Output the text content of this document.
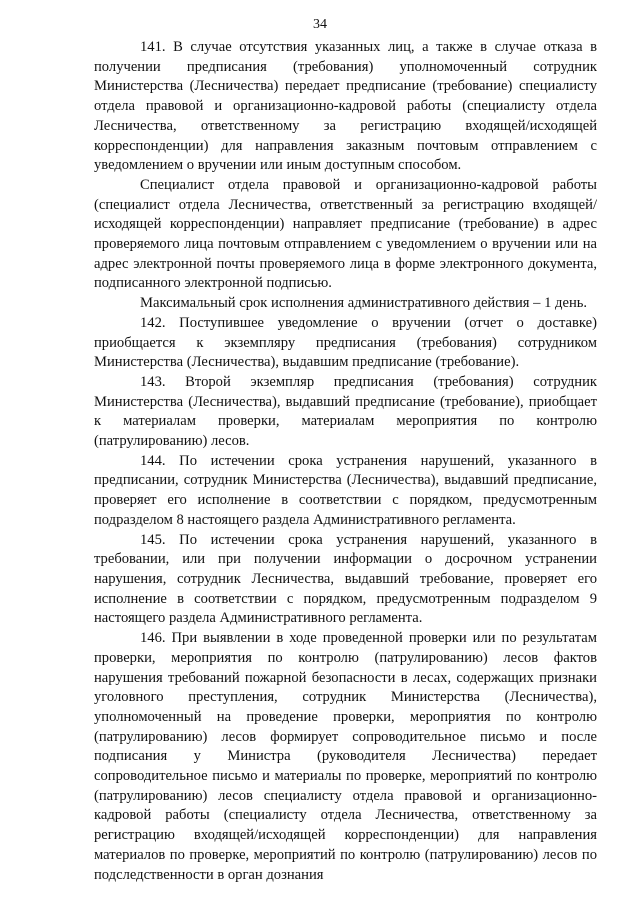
34

141. В случае отсутствия указанных лиц, а также в случае отказа в получении предписания (требования) уполномоченный сотрудник Министерства (Лесничества) передает предписание (требование) специалисту отдела правовой и организационно-кадровой работы (специалисту отдела Лесничества, ответственному за регистрацию входящей/исходящей корреспонденции) для направления заказным почтовым отправлением с уведомлением о вручении или иным доступным способом.

Специалист отдела правовой и организационно-кадровой работы (специалист отдела Лесничества, ответственный за регистрацию входящей/исходящей корреспонденции) направляет предписание (требование) в адрес проверяемого лица почтовым отправлением с уведомлением о вручении или на адрес электронной почты проверяемого лица в форме электронного документа, подписанного электронной подписью.

Максимальный срок исполнения административного действия – 1 день.

142. Поступившее уведомление о вручении (отчет о доставке) приобщается к экземпляру предписания (требования) сотрудником Министерства (Лесничества), выдавшим предписание (требование).

143. Второй экземпляр предписания (требования) сотрудник Министерства (Лесничества), выдавший предписание (требование), приобщает к материалам проверки, материалам мероприятия по контролю (патрулированию) лесов.

144. По истечении срока устранения нарушений, указанного в предписании, сотрудник Министерства (Лесничества), выдавший предписание, проверяет его исполнение в соответствии с порядком, предусмотренным подразделом 8 настоящего раздела Административного регламента.

145. По истечении срока устранения нарушений, указанного в требовании, или при получении информации о досрочном устранении нарушения, сотрудник Лесничества, выдавший требование, проверяет его исполнение в соответствии с порядком, предусмотренным подразделом 9 настоящего раздела Административного регламента.

146. При выявлении в ходе проведенной проверки или по результатам проверки, мероприятия по контролю (патрулированию) лесов фактов нарушения требований пожарной безопасности в лесах, содержащих признаки уголовного преступления, сотрудник Министерства (Лесничества), уполномоченный на проведение проверки, мероприятия по контролю (патрулированию) лесов формирует сопроводительное письмо и после подписания у Министра (руководителя Лесничества) передает сопроводительное письмо и материалы по проверке, мероприятий по контролю (патрулированию) лесов специалисту отдела правовой и организационно-кадровой работы (специалисту отдела Лесничества, ответственному за регистрацию входящей/исходящей корреспонденции) для направления материалов по проверке, мероприятий по контролю (патрулированию) лесов по подследственности в орган дознания
